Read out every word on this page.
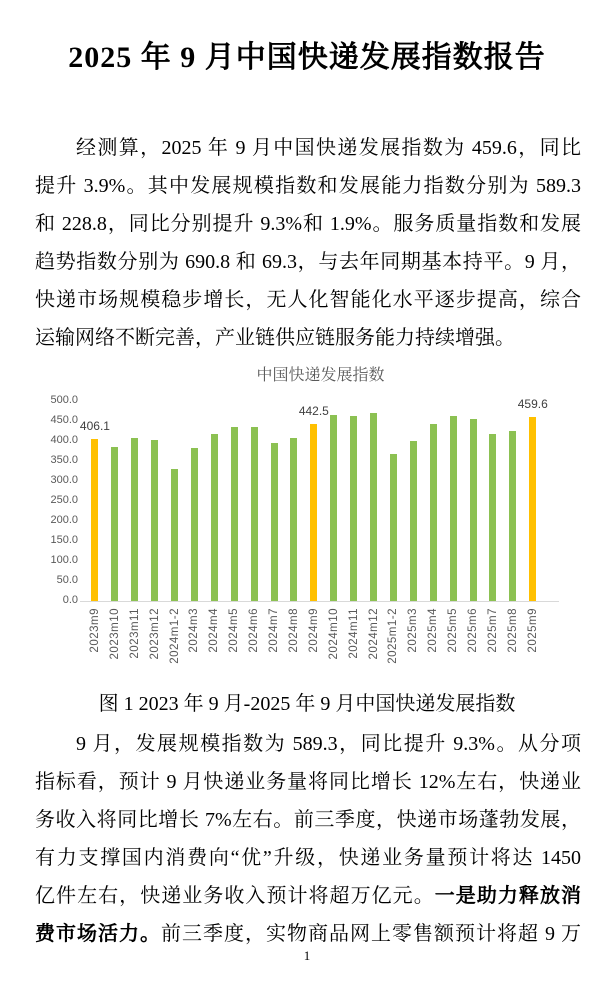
2025 年 9 月中国快递发展指数报告
经测算，2025 年 9 月中国快递发展指数为 459.6，同比
提升 3.9%。其中发展规模指数和发展能力指数分别为 589.3
和 228.8，同比分别提升 9.3%和 1.9%。服务质量指数和发展
趋势指数分别为 690.8 和 69.3，与去年同期基本持平。9 月，
快递市场规模稳步增长，无人化智能化水平逐步提高，综合
运输网络不断完善，产业链供应链服务能力持续增强。
中国快递发展指数
500.0
450.0
400.0
350.0
300.0
250.0
200.0
150.0
100.0
50.0
0.0
2023m9 2023m10 2023m11 2023m12 2024m1-2 2024m3 2024m4 2024m5 2024m6 2024m7 2024m8 2024m9 2024m10 2024m11 2024m12 2025m1-2 2025m3 2025m4 2025m5 2025m6 2025m7 2025m8 2025m9
406.1
442.5	459.6
图 1 2023 年 9 月-2025 年 9 月中国快递发展指数
9 月，发展规模指数为 589.3，同比提升 9.3%。从分项
指标看，预计 9 月快递业务量将同比增长 12%左右，快递业
务收入将同比增长 7%左右。前三季度，快递市场蓬勃发展，
有力支撑国内消费向“优”升级，快递业务量预计将达 1450
亿件左右，快递业务收入预计将超万亿元。一是助力释放消
费市场活力。前三季度，实物商品网上零售额预计将超 9 万
1
